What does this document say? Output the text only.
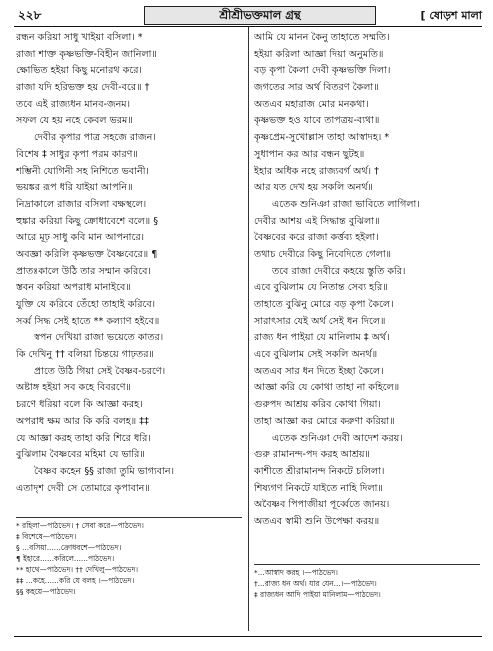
২২৮	শ্রীশ্রীভক্তমাল গ্রন্থ	[ ষোড়শ মালা
রন্ধন করিয়া সাধু খাইয়া বসিলা। *
রাজা শাক্ত কৃষ্ণভক্তি-বিহীন জানিলা॥
ক্ষোভিত হইয়া কিছু মনোরথ করে।
রাজা যদি হরিভক্ত হয় দেবী-বরে॥ †
তবে এই রাজ্যধন মানব-জনম।
সফল যে হয় নহে কেবল ভরম॥
দেবীর কৃপার পাত্র সহজে রাজন।
বিশেষ ‡ সাধুর কৃপা পরম কারণ॥
শম্ভিনী যোগিনী সহ নিশিতে ভবানী।
ভয়ঙ্কর রূপ ধরি যাইয়া আপনি॥
নিদ্রাকালে রাজার বসিলা বক্ষস্থলে।
হুঙ্কার করিয়া কিছু ক্রোধাবেশে বলে॥ §
আরে মূঢ় সাধু কবি মান আপনারে।
অবজ্ঞা করিলি কৃষ্ণভক্ত বৈষ্ণবেরে॥ ¶
প্রাতঃকালে উঠি তার সম্মান করিবে।
স্তবন করিয়া অপরাধ মানাইবে॥
যুক্তি যে করিবে তেঁহো তাহাই করিবে।
সর্ব্ব সিদ্ধ সেই হাতে ** কল্যাণ হইবে॥
স্বপন দেখিয়া রাজা ভয়েতে কাতর।
কি দেখিনু †† বলিয়া চিন্তয়ে গাঢ়তর॥
প্রাতে উঠি গিয়া সেই বৈষ্ণব-চরণে।
অষ্টাঙ্গ হইয়া সব কহে বিবরণে॥
চরণে ধরিয়া বলে কি আজ্ঞা করহ।
অপরাধ ক্ষম আর কি করি বলহ॥ ‡‡
যে আজ্ঞা করহ তাহা করি শিরে ধরি।
বুঝিলাম বৈষ্ণবের মহিমা যে ভারি॥
বৈষ্ণব কহেন §§ রাজা তুমি ভাগ্যবান।
এতাদৃশ দেবী সে তোমারে কৃপাবান॥
আমি যে মানন কৈনু তাহাতে সম্মতি।
হইয়া করিলা আজ্ঞা দিয়া অনুমতি॥
বড় কৃপা কৈলা দেবী কৃষ্ণভক্তি দিলা।
জগতের সার অর্থ বিতরণ কৈলা॥
অতএব মহারাজ মোর মনকথা।
কৃষ্ণভক্ত হও যাবে তাপত্রয়-ব্যথা॥
কৃষ্ণপ্রেম-সুখোল্লাস তাহা আস্বাদহ। *
সুধাপান কর আর বন্ধন ছুটহ॥
ইহার অধিক নহে রাজ্যবর্গ অর্থ। †
আর যত দেখ হয় সকলি অনর্থ॥
এতেক শুনিঞা রাজা ভাবিতে লাগিলা।
দেবীর আশয় এই সিদ্ধান্ত বুঝিলা॥
বৈষ্ণবের করে রাজা কর্ত্তব্য হইলা।
তথাচ দেবীরে কিছু নিবেদিতে গেলা॥
তবে রাজা দেবীরে কহয়ে স্তুতি করি।
এবে বুঝিলাম যে নিতান্ত সেব্য হরি॥
তাহাতে বুঝিনু মোরে বড় কৃপা কৈলে।
সারাৎসার যেই অর্থ সেই ধন দিলে॥
রাজ্য ধন পাইয়া যে মানিলাম ‡ অর্থ।
এবে বুঝিলাম সেই সকলি অনর্থ॥
অতএব সার ধন দিতে ইচ্ছা কৈলে।
আজ্ঞা করি যে কোথা তাহা না কহিলে॥
গুরুপদ আশ্রয় করিব কোথা গিয়া।
তাহা আজ্ঞা কর মোরে করুণা করিয়া॥
এতেক শুনিঞা দেবী আদেশ করয়।
গুরু রামানন্দ-পদ করহ আশ্রয়॥
কাশীতে শ্রীরামানন্দ নিকটে চলিলা।
শিষ্যগণ নিকটে যাইতে নাহি দিলা॥
অবৈষ্ণব পিপাজীয়া পূর্ব্বেতে জানয়।
অতএব স্বামী শুনি উপেক্ষা করয়॥
* রহিলা—পাঠভেদ। † সেবা করে—পাঠভেদ।
‡ বিশেষে—পাঠভেদ।
§ ...বসিয়া......ক্রোধবশে—পাঠভেদ।
¶ ইহারে......করিলে......পাঠভেদ।
** হাথে—পাঠভেদ। †† দেখিলু—পাঠভেদ।
‡‡ ...কহে......করি যে বলহ ।—পাঠভেদ।
§§ কহয়ে—পাঠভেদ।
*...আস্বাদ করহ ।—পাঠভেদ।
†...রাজ্য ধন অর্থ। যার যেন...।—পাঠভেদ।
‡ রাজ্যধন আদি পাইয়া মানিলাম—পাঠভেদ।
